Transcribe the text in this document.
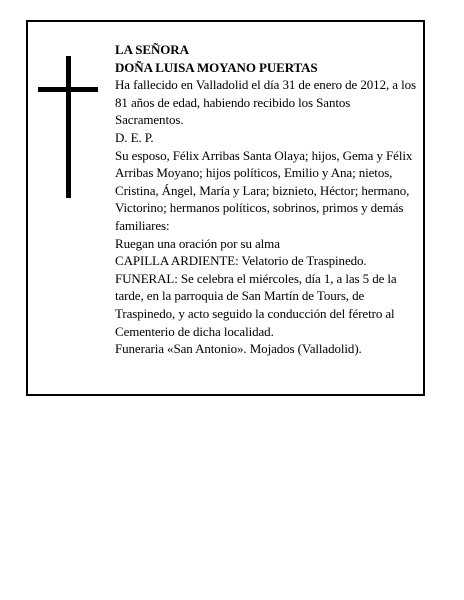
LA SEÑORA

DOÑA LUISA MOYANO PUERTAS

Ha fallecido en Valladolid el día 31 de enero de 2012, a los 81 años de edad, habiendo recibido los Santos Sacramentos.

D. E. P.

Su esposo, Félix Arribas Santa Olaya; hijos, Gema y Félix Arribas Moyano; hijos políticos, Emilio y Ana; nietos, Cristina, Ángel, María y Lara; biznieto, Héctor; hermano, Victorino; hermanos políticos, sobrinos, primos y demás familiares:

Ruegan una oración por su alma

CAPILLA ARDIENTE: Velatorio de Traspinedo.

FUNERAL: Se celebra el miércoles, día 1, a las 5 de la tarde, en la parroquia de San Martín de Tours, de Traspinedo, y acto seguido la conducción del féretro al Cementerio de dicha localidad.

Funeraria «San Antonio». Mojados (Valladolid).
